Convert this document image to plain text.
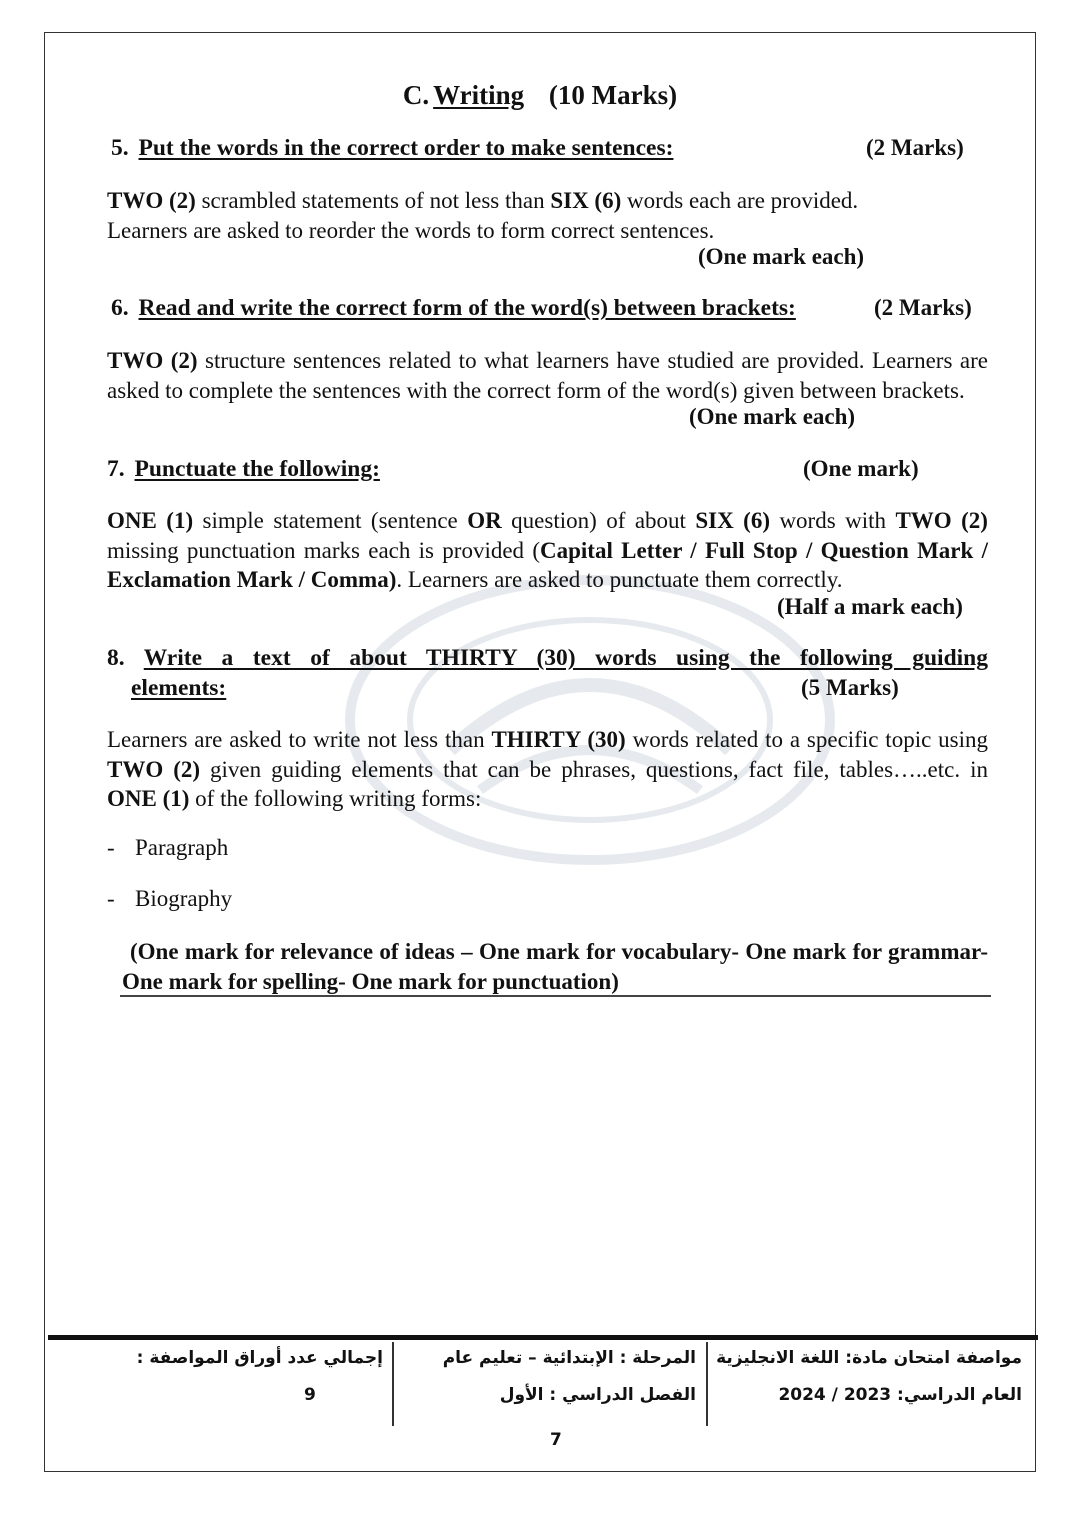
C. Writing (10 Marks)
5. Put the words in the correct order to make sentences:	(2 Marks)
TWO (2) scrambled statements of not less than SIX (6) words each are provided.
Learners are asked to reorder the words to form correct sentences.
(One mark each)
6. Read and write the correct form of the word(s) between brackets:	(2 Marks)
TWO (2) structure sentences related to what learners have studied are provided. Learners are asked to complete the sentences with the correct form of the word(s) given between brackets.
(One mark each)
7. Punctuate the following:	(One mark)
ONE (1) simple statement (sentence OR question) of about SIX (6) words with TWO (2) missing punctuation marks each is provided (Capital Letter / Full Stop / Question Mark / Exclamation Mark / Comma). Learners are asked to punctuate them correctly.
(Half a mark each)
8. Write a text of about THIRTY (30) words using the following guiding
elements:	(5 Marks)
Learners are asked to write not less than THIRTY (30) words related to a specific topic using TWO (2) given guiding elements that can be phrases, questions, fact file, tables…..etc. in ONE (1) of the following writing forms:
- Paragraph
- Biography
(One mark for relevance of ideas – One mark for vocabulary- One mark for grammar- One mark for spelling- One mark for punctuation)
مواصفة امتحان مادة: اللغة الانجليزية
العام الدراسي: 2023 / 2024
المرحلة : الإبتدائية – تعليم عام
الفصل الدراسي : الأول
إجمالي عدد أوراق المواصفة :
9
7
